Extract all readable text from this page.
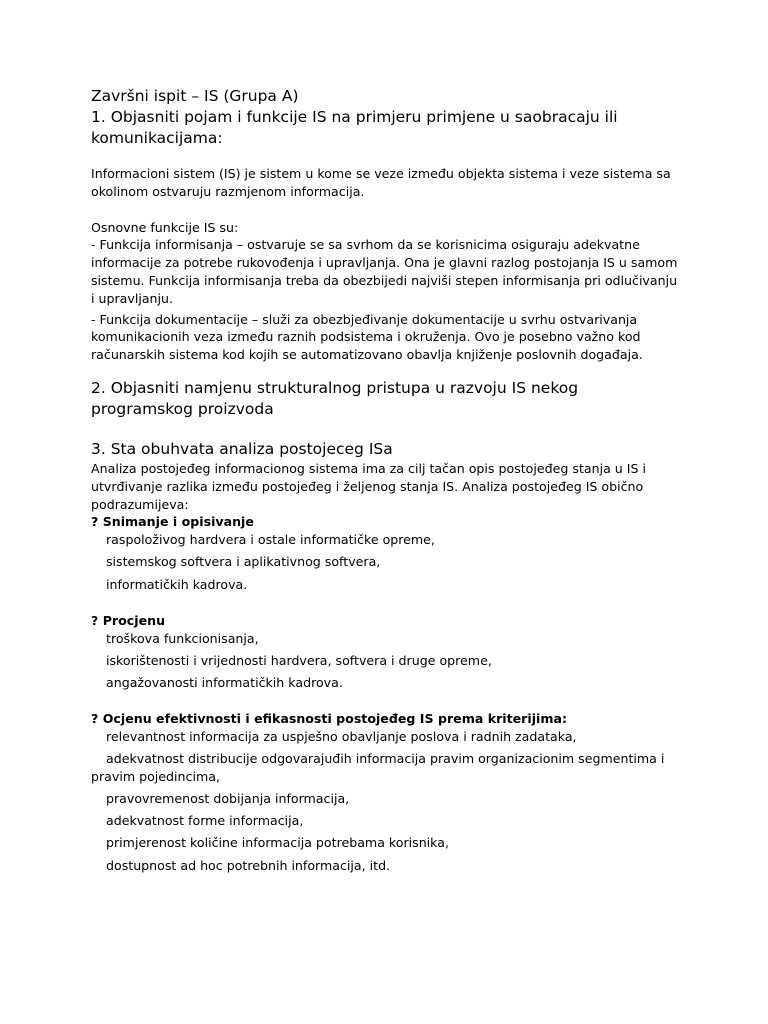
Završni ispit – IS (Grupa A)

1. Objasniti pojam i funkcije IS na primjeru primjene u saobracaju ili komunikacijama:

Informacioni sistem (IS) je sistem u kome se veze između objekta sistema i veze sistema sa okolinom ostvaruju razmjenom informacija.

Osnovne funkcije IS su:

- Funkcija informisanja – ostvaruje se sa svrhom da se korisnicima osiguraju adekvatne informacije za potrebe rukovođenja i upravljanja. Ona je glavni razlog postojanja IS u samom sistemu. Funkcija informisanja treba da obezbijedi najviši stepen informisanja pri odlučivanju i upravljanju.

- Funkcija dokumentacije – služi za obezbjeđivanje dokumentacije u svrhu ostvarivanja komunikacionih veza između raznih podsistema i okruženja. Ovo je posebno važno kod računarskih sistema kod kojih se automatizovano obavlja knjiženje poslovnih događaja.

2. Objasniti namjenu strukturalnog pristupa u razvoju IS nekog programskog proizvoda

3. Sta obuhvata analiza postojeceg ISa

Analiza postojeđeg informacionog sistema ima za cilj tačan opis postojeđeg stanja u IS i utvrđivanje razlika između postojeđeg i željenog stanja IS. Analiza postojeđeg IS obično podrazumijeva:

? Snimanje i opisivanje

raspoloživog hardvera i ostale informatičke opreme,

sistemskog softvera i aplikativnog softvera,

informatičkih kadrova.

? Procjenu

troškova funkcionisanja,

iskorištenosti i vrijednosti hardvera, softvera i druge opreme,

angažovanosti informatičkih kadrova.

? Ocjenu efektivnosti i efikasnosti postojeđeg IS prema kriterijima:

relevantnost informacija za uspješno obavljanje poslova i radnih zadataka,

adekvatnost distribucije odgovarajuđih informacija pravim organizacionim segmentima i pravim pojedincima,

pravovremenost dobijanja informacija,

adekvatnost forme informacija,

primjerenost količine informacija potrebama korisnika,

dostupnost ad hoc potrebnih informacija, itd.
